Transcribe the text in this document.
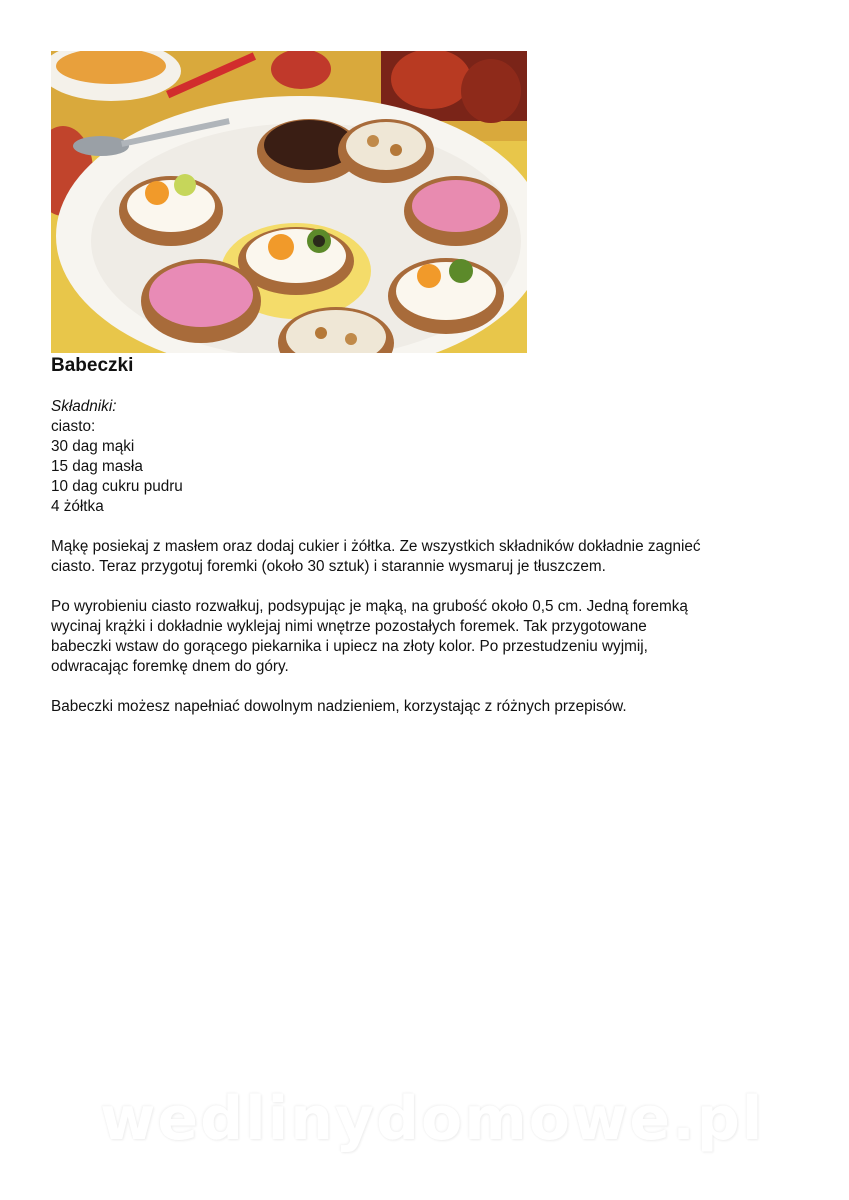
Babeczki
Składniki:
ciasto:
30 dag mąki
15 dag masła
10 dag cukru pudru
4 żółtka

Mąkę posiekaj z masłem oraz dodaj cukier i żółtka. Ze wszystkich składników dokładnie zagnieć
ciasto. Teraz przygotuj foremki (około 30 sztuk) i starannie wysmaruj je tłuszczem.

Po wyrobieniu ciasto rozwałkuj, podsypując je mąką, na grubość około 0,5 cm. Jedną foremką
wycinaj krążki i dokładnie wyklejaj nimi wnętrze pozostałych foremek. Tak przygotowane
babeczki wstaw do gorącego piekarnika i upiecz na złoty kolor. Po przestudzeniu wyjmij,
odwracając foremkę dnem do góry.

Babeczki możesz napełniać dowolnym nadzieniem, korzystając z różnych przepisów.

wedlinydomowe.pl
